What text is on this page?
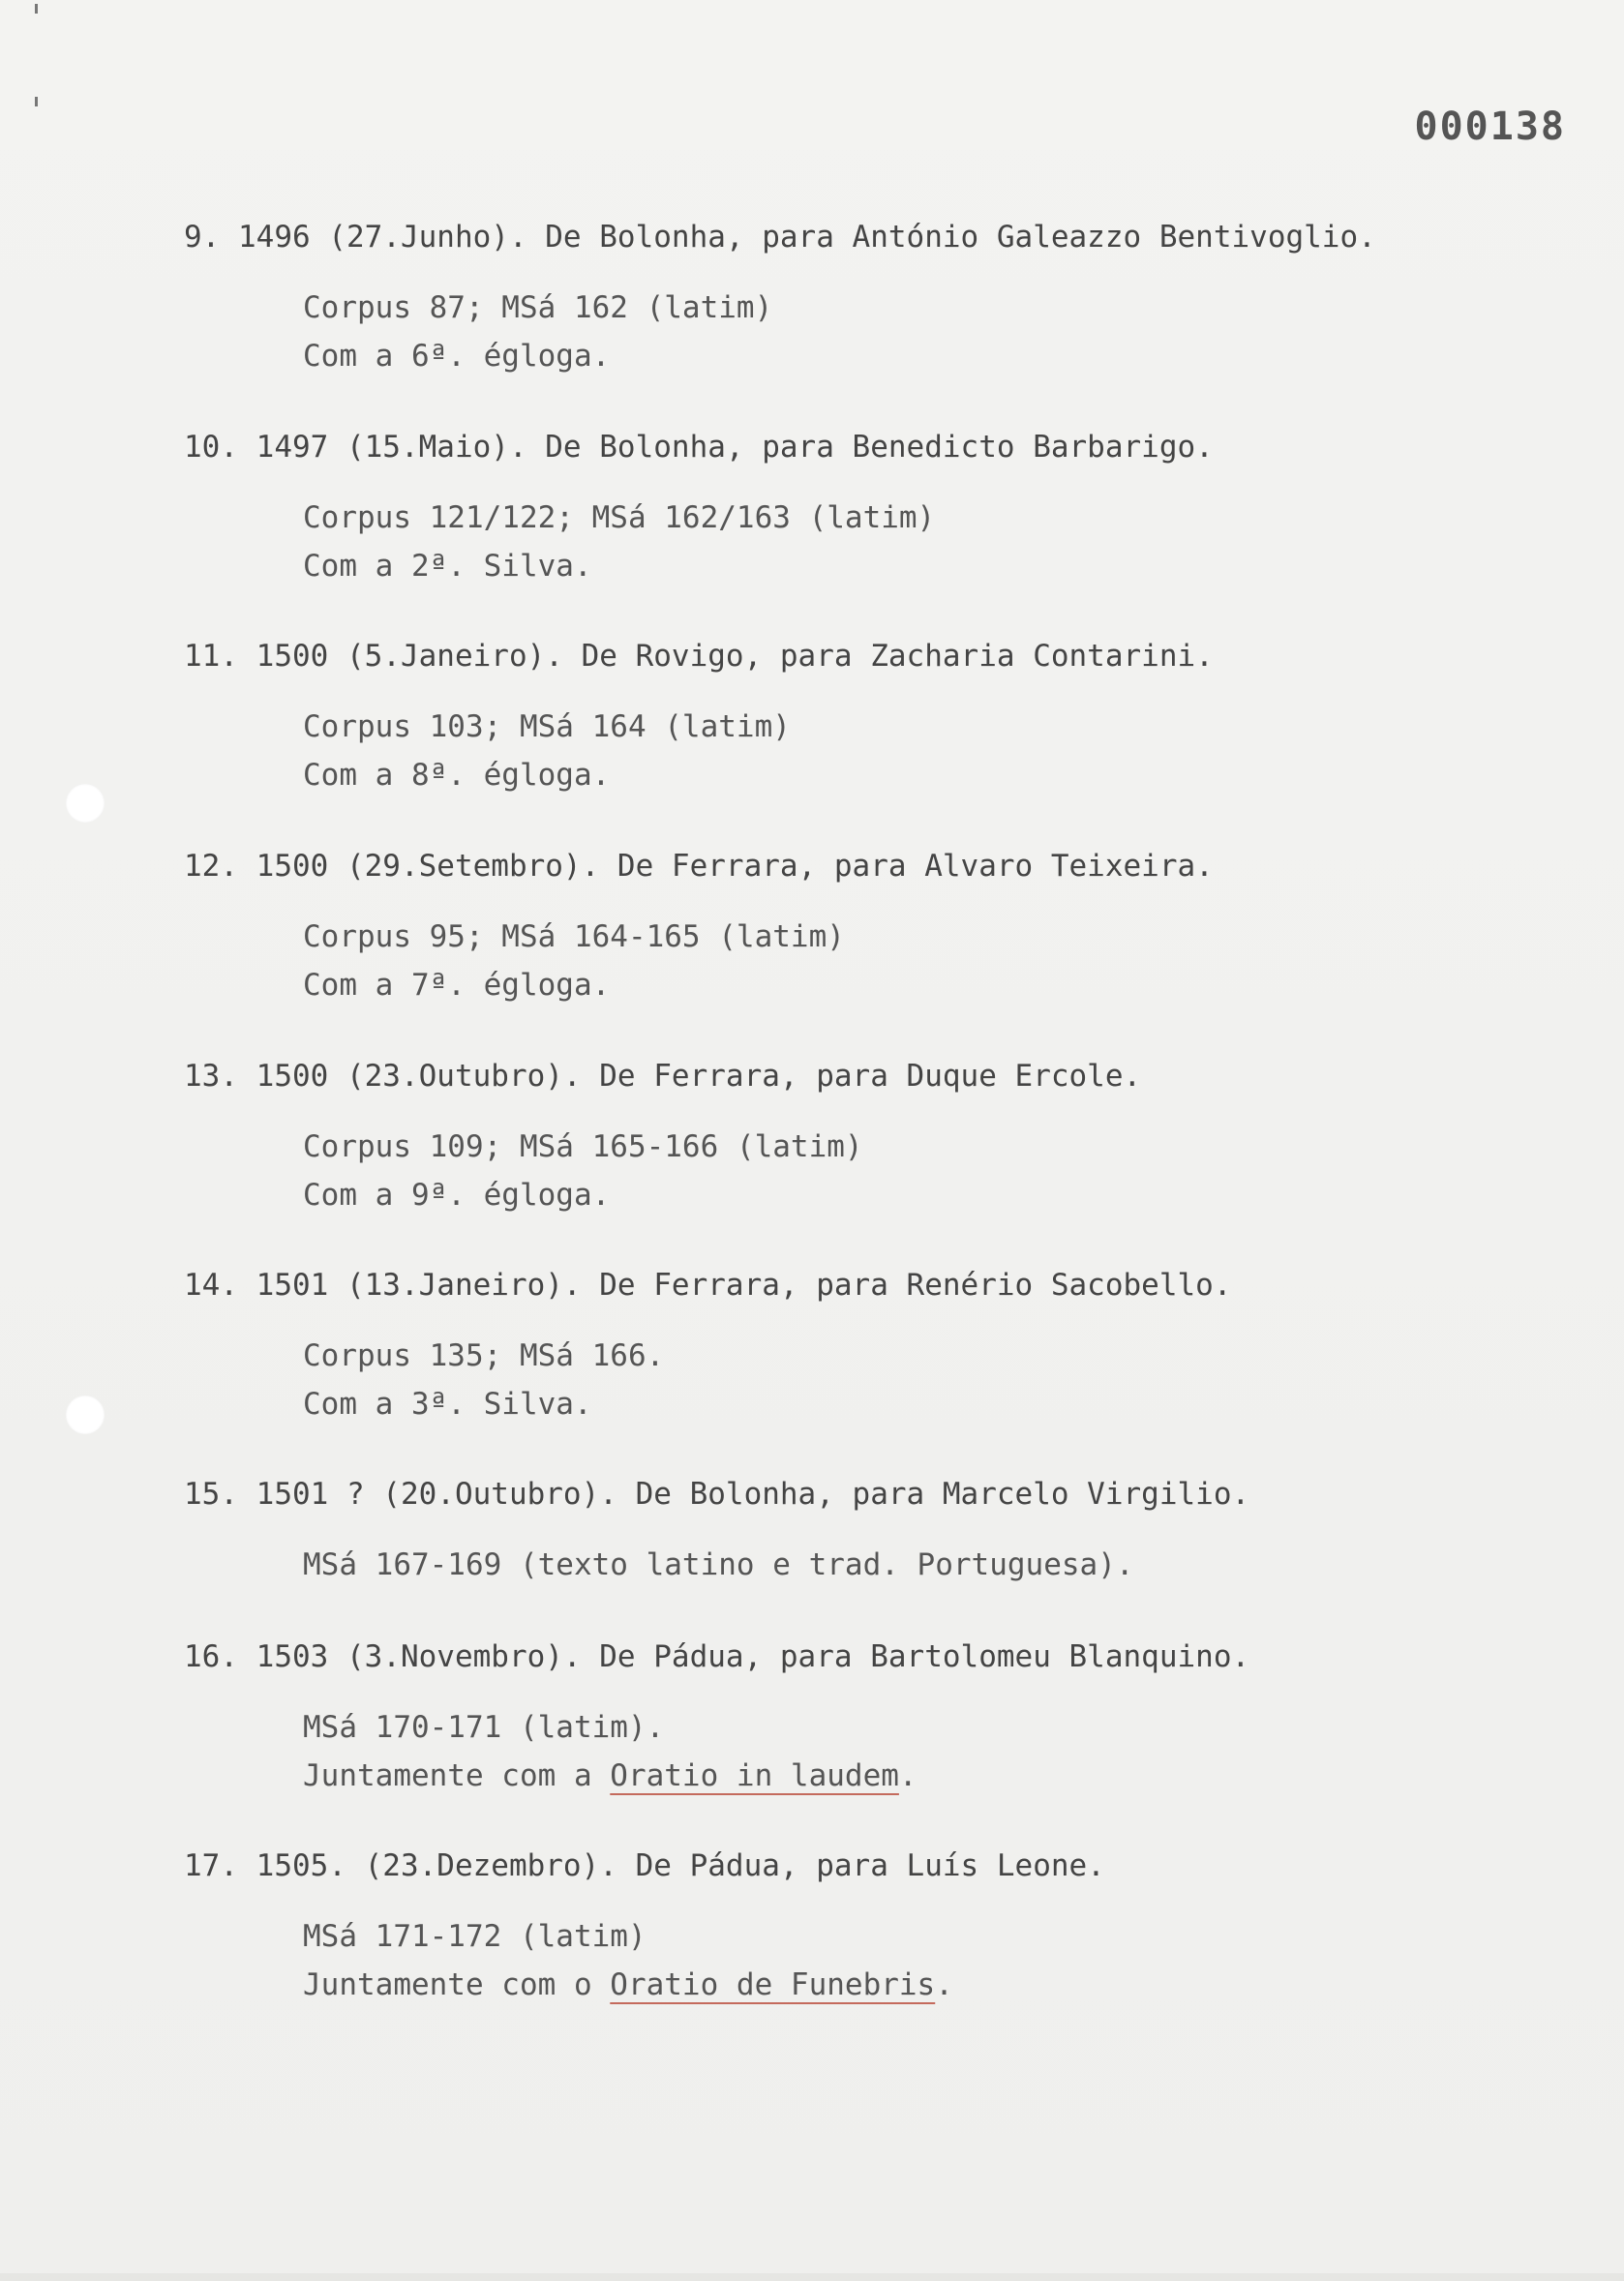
000138
9. 1496 (27.Junho). De Bolonha, para António Galeazzo Bentivoglio.
Corpus 87; MSá 162 (latim)
Com a 6ª. égloga.
10. 1497 (15.Maio). De Bolonha, para Benedicto Barbarigo.
Corpus 121/122; MSá 162/163 (latim)
Com a 2ª. Silva.
11. 1500 (5.Janeiro). De Rovigo, para Zacharia Contarini.
Corpus 103; MSá 164 (latim)
Com a 8ª. égloga.
12. 1500 (29.Setembro). De Ferrara, para Alvaro Teixeira.
Corpus 95; MSá 164-165 (latim)
Com a 7ª. égloga.
13. 1500 (23.Outubro). De Ferrara, para Duque Ercole.
Corpus 109; MSá 165-166 (latim)
Com a 9ª. égloga.
14. 1501 (13.Janeiro). De Ferrara, para Renério Sacobello.
Corpus 135; MSá 166.
Com a 3ª. Silva.
15. 1501 ? (20.Outubro). De Bolonha, para Marcelo Virgilio.
MSá 167-169 (texto latino e trad. Portuguesa).
16. 1503 (3.Novembro). De Pádua, para Bartolomeu Blanquino.
MSá 170-171 (latim).
Juntamente com a Oratio in laudem.
17. 1505. (23.Dezembro). De Pádua, para Luís Leone.
MSá 171-172 (latim)
Juntamente com o Oratio de Funebris.
